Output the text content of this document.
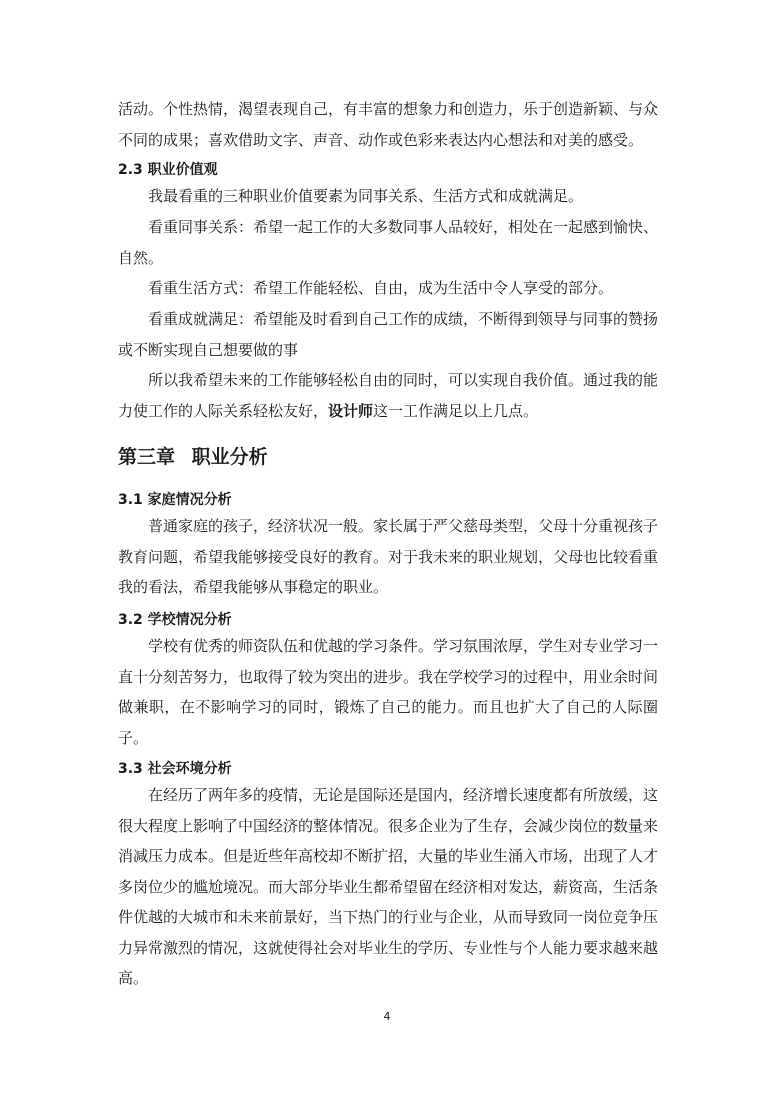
活动。个性热情，渴望表现自己，有丰富的想象力和创造力，乐于创造新颖、与众不同的成果；喜欢借助文字、声音、动作或色彩来表达内心想法和对美的感受。

2.3 职业价值观

我最看重的三种职业价值要素为同事关系、生活方式和成就满足。

看重同事关系：希望一起工作的大多数同事人品较好，相处在一起感到愉快、自然。

看重生活方式：希望工作能轻松、自由，成为生活中令人享受的部分。

看重成就满足：希望能及时看到自己工作的成绩，不断得到领导与同事的赞扬或不断实现自己想要做的事

所以我希望未来的工作能够轻松自由的同时，可以实现自我价值。通过我的能力使工作的人际关系轻松友好，设计师这一工作满足以上几点。

第三章 职业分析
3.1 家庭情况分析

普通家庭的孩子，经济状况一般。家长属于严父慈母类型，父母十分重视孩子教育问题，希望我能够接受良好的教育。对于我未来的职业规划，父母也比较看重我的看法，希望我能够从事稳定的职业。

3.2 学校情况分析

学校有优秀的师资队伍和优越的学习条件。学习氛围浓厚，学生对专业学习一直十分刻苦努力，也取得了较为突出的进步。我在学校学习的过程中，用业余时间做兼职，在不影响学习的同时，锻炼了自己的能力。而且也扩大了自己的人际圈子。

3.3 社会环境分析

在经历了两年多的疫情，无论是国际还是国内，经济增长速度都有所放缓，这很大程度上影响了中国经济的整体情况。很多企业为了生存，会减少岗位的数量来消减压力成本。但是近些年高校却不断扩招，大量的毕业生涌入市场，出现了人才多岗位少的尴尬境况。而大部分毕业生都希望留在经济相对发达，薪资高，生活条件优越的大城市和未来前景好，当下热门的行业与企业，从而导致同一岗位竞争压力异常激烈的情况，这就使得社会对毕业生的学历、专业性与个人能力要求越来越高。

4
